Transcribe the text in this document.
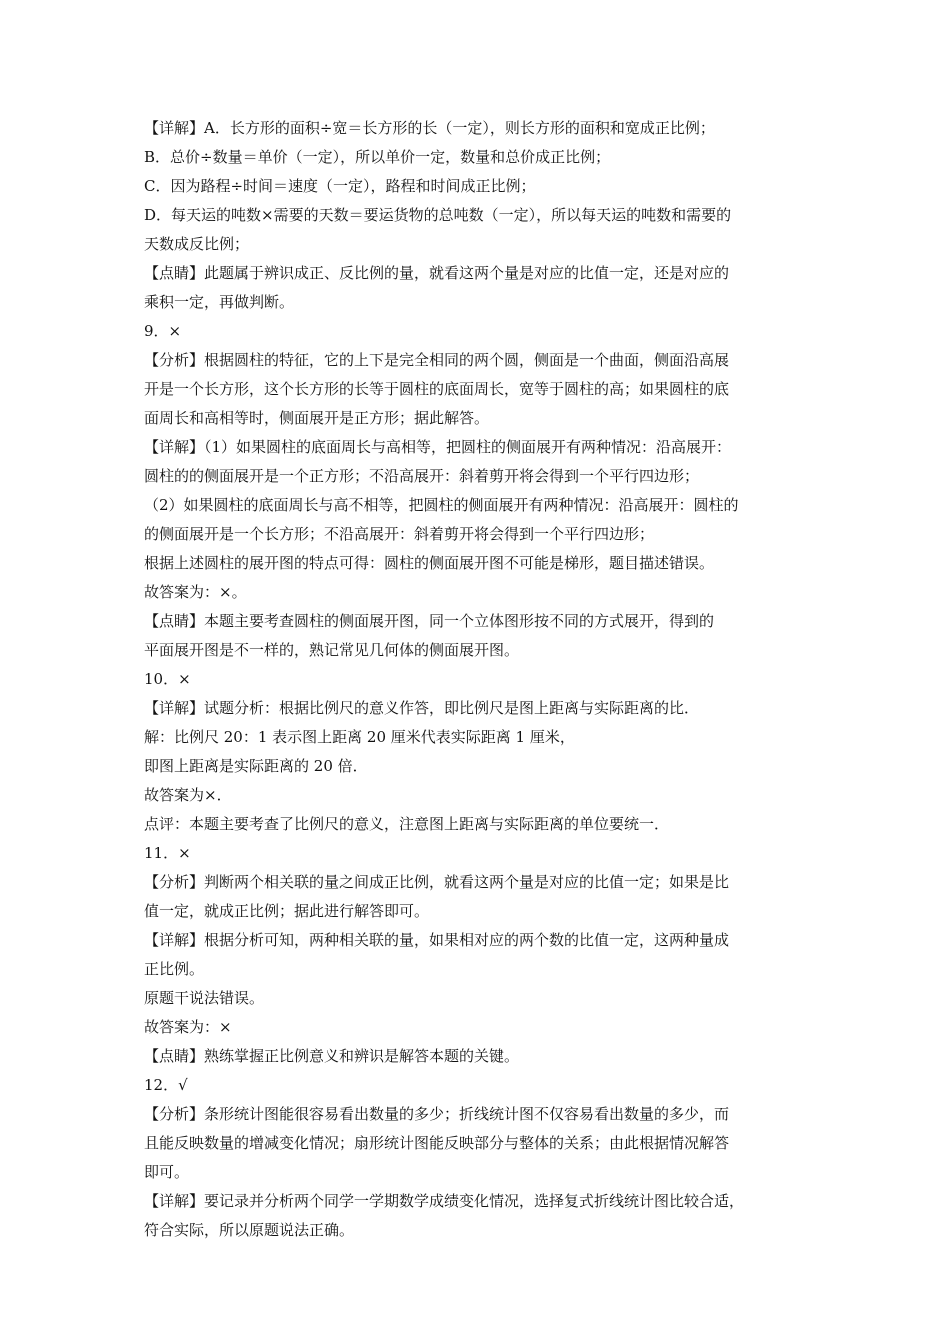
【详解】A．长方形的面积÷宽＝长方形的长（一定），则长方形的面积和宽成正比例；
B．总价÷数量＝单价（一定），所以单价一定，数量和总价成正比例；
C．因为路程÷时间＝速度（一定），路程和时间成正比例；
D．每天运的吨数×需要的天数＝要运货物的总吨数（一定），所以每天运的吨数和需要的
天数成反比例；
【点睛】此题属于辨识成正、反比例的量，就看这两个量是对应的比值一定，还是对应的
乘积一定，再做判断。
9．×
【分析】根据圆柱的特征，它的上下是完全相同的两个圆，侧面是一个曲面，侧面沿高展
开是一个长方形，这个长方形的长等于圆柱的底面周长，宽等于圆柱的高；如果圆柱的底
面周长和高相等时，侧面展开是正方形；据此解答。
【详解】（1）如果圆柱的底面周长与高相等，把圆柱的侧面展开有两种情况：沿高展开：
圆柱的的侧面展开是一个正方形；不沿高展开：斜着剪开将会得到一个平行四边形；
（2）如果圆柱的底面周长与高不相等，把圆柱的侧面展开有两种情况：沿高展开：圆柱的
的侧面展开是一个长方形；不沿高展开：斜着剪开将会得到一个平行四边形；
根据上述圆柱的展开图的特点可得：圆柱的侧面展开图不可能是梯形，题目描述错误。
故答案为：×。
【点睛】本题主要考查圆柱的侧面展开图，同一个立体图形按不同的方式展开，得到的
平面展开图是不一样的，熟记常见几何体的侧面展开图。
10．×
【详解】试题分析：根据比例尺的意义作答，即比例尺是图上距离与实际距离的比．
解：比例尺 20：1 表示图上距离 20 厘米代表实际距离 1 厘米，
即图上距离是实际距离的 20 倍．
故答案为×．
点评：本题主要考查了比例尺的意义，注意图上距离与实际距离的单位要统一．
11．×
【分析】判断两个相关联的量之间成正比例，就看这两个量是对应的比值一定；如果是比
值一定，就成正比例；据此进行解答即可。
【详解】根据分析可知，两种相关联的量，如果相对应的两个数的比值一定，这两种量成
正比例。
原题干说法错误。
故答案为：×
【点睛】熟练掌握正比例意义和辨识是解答本题的关键。
12．√
【分析】条形统计图能很容易看出数量的多少；折线统计图不仅容易看出数量的多少，而
且能反映数量的增减变化情况；扇形统计图能反映部分与整体的关系；由此根据情况解答
即可。
【详解】要记录并分析两个同学一学期数学成绩变化情况，选择复式折线统计图比较合适，
符合实际，所以原题说法正确。
